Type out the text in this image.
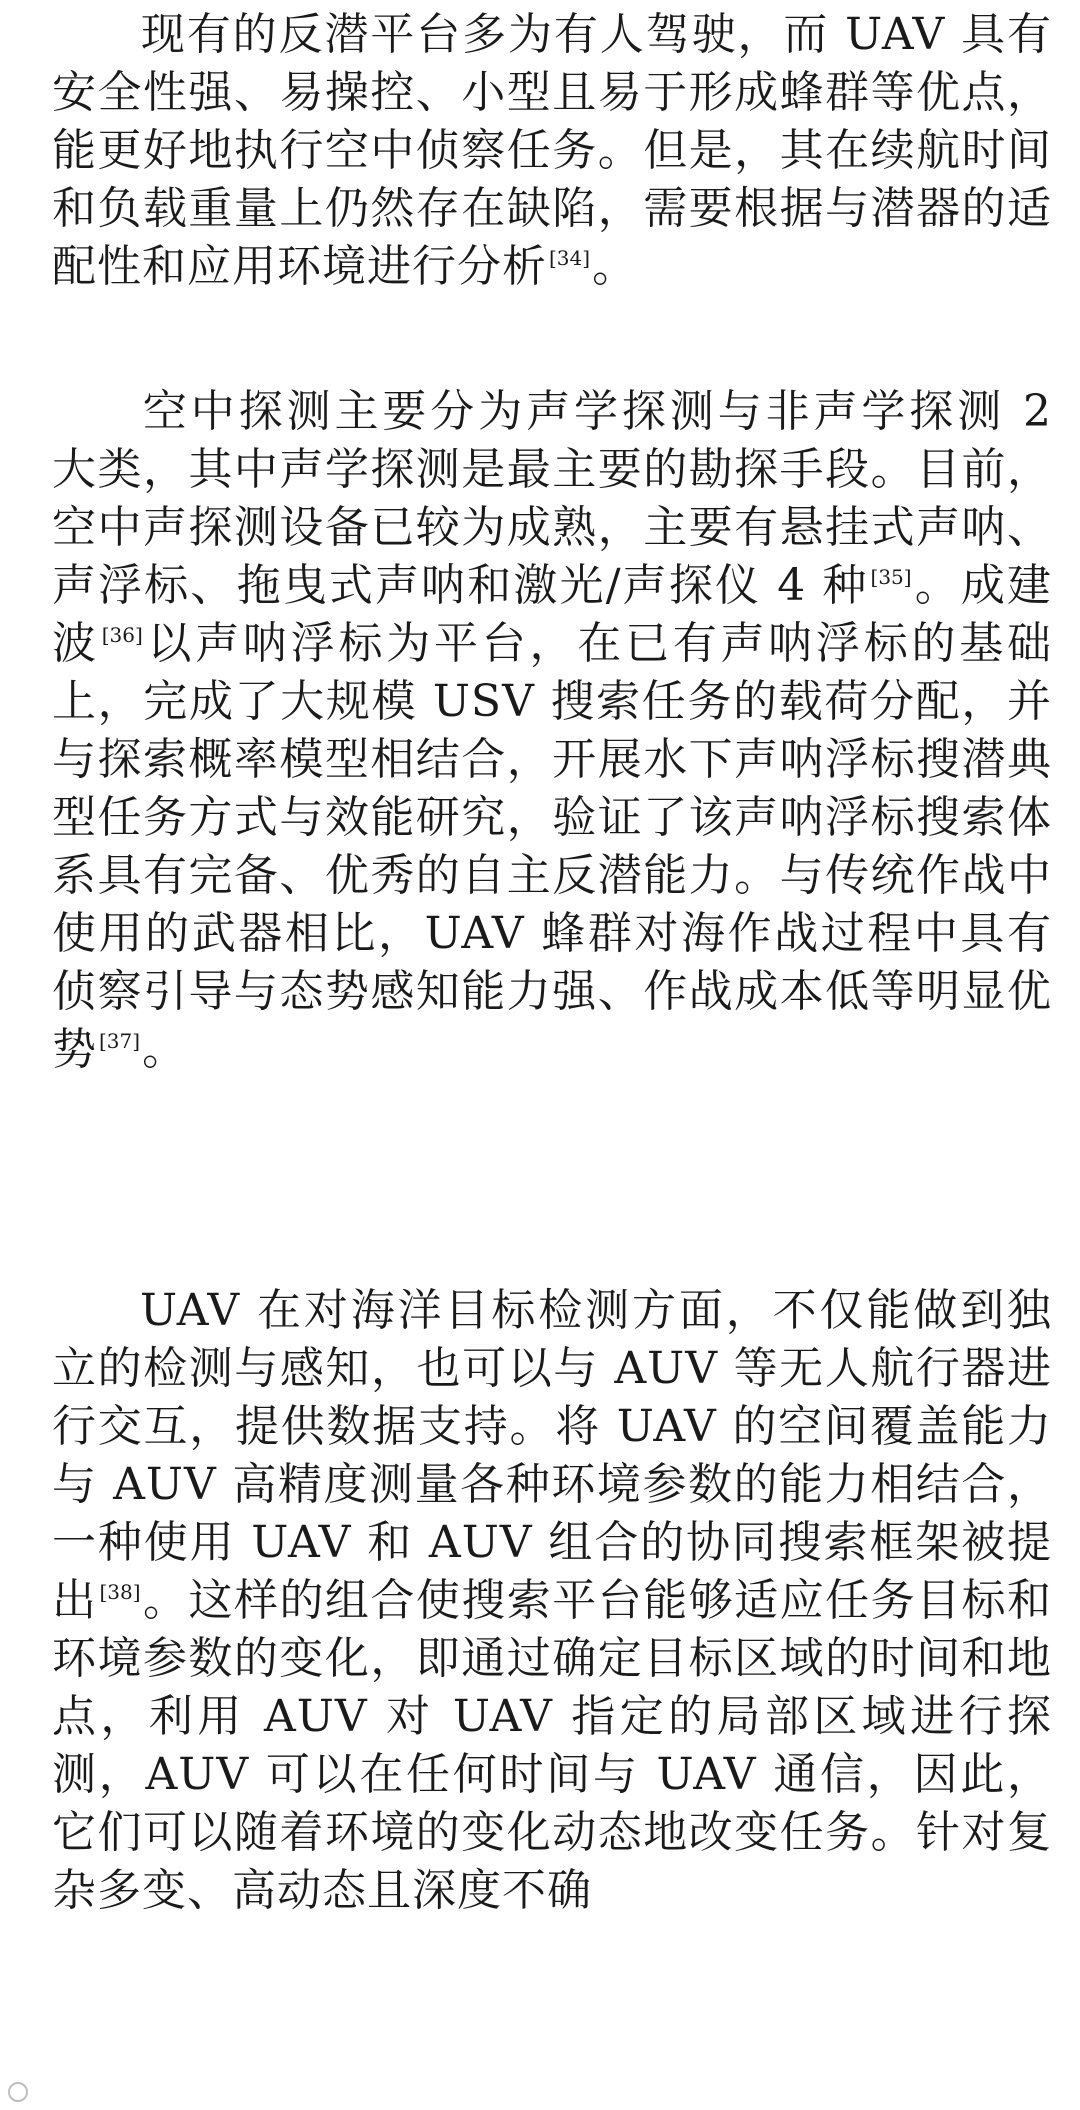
现有的反潜平台多为有人驾驶，而 UAV 具有安全性强、易操控、小型且易于形成蜂群等优点，能更好地执行空中侦察任务。但是，其在续航时间和负载重量上仍然存在缺陷，需要根据与潜器的适配性和应用环境进行分析 [34]。

空中探测主要分为声学探测与非声学探测 2 大类，其中声学探测是最主要的勘探手段。目前，空中声探测设备已较为成熟，主要有悬挂式声呐、声浮标、拖曳式声呐和激光/声探仪 4 种 [35]。成建波 [36]以声呐浮标为平台，在已有声呐浮标的基础上，完成了大规模 USV 搜索任务的载荷分配，并与探索概率模型相结合，开展水下声呐浮标搜潜典型任务方式与效能研究，验证了该声呐浮标搜索体系具有完备、优秀的自主反潜能力。与传统作战中使用的武器相比，UAV 蜂群对海作战过程中具有侦察引导与态势感知能力强、作战成本低等明显优势 [37]。

UAV 在对海洋目标检测方面，不仅能做到独立的检测与感知，也可以与 AUV 等无人航行器进行交互，提供数据支持。将 UAV 的空间覆盖能力与 AUV 高精度测量各种环境参数的能力相结合，一种使用 UAV 和 AUV 组合的协同搜索框架被提出 [38]。这样的组合使搜索平台能够适应任务目标和环境参数的变化，即通过确定目标区域的时间和地点，利用 AUV 对 UAV 指定的局部区域进行探测，AUV 可以在任何时间与 UAV 通信，因此，它们可以随着环境的变化动态地改变任务。针对复杂多变、高动态且深度不确
